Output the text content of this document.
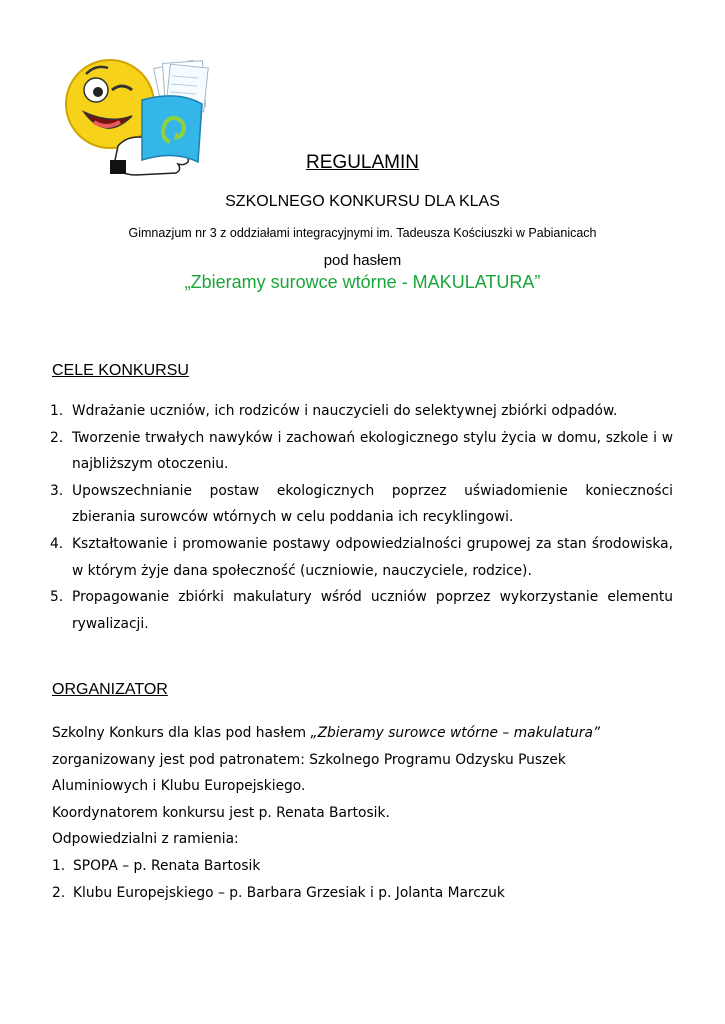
REGULAMIN
SZKOLNEGO KONKURSU DLA KLAS
Gimnazjum nr 3 z oddziałami integracyjnymi im. Tadeusza Kościuszki w Pabianicach
pod hasłem
„Zbieramy surowce wtórne - MAKULATURA”
CELE KONKURSU
1. Wdrażanie uczniów, ich rodziców i nauczycieli do selektywnej zbiórki odpadów.
2. Tworzenie trwałych nawyków i zachowań ekologicznego stylu życia w domu, szkole i w najbliższym otoczeniu.
3. Upowszechnianie postaw ekologicznych poprzez uświadomienie konieczności zbierania surowców wtórnych w celu poddania ich recyklingowi.
4. Kształtowanie i promowanie postawy odpowiedzialności grupowej za stan środowiska, w którym żyje dana społeczność (uczniowie, nauczyciele, rodzice).
5. Propagowanie zbiórki makulatury wśród uczniów poprzez wykorzystanie elementu rywalizacji.
ORGANIZATOR
Szkolny Konkurs dla klas pod hasłem „Zbieramy surowce wtórne – makulatura”
zorganizowany jest pod patronatem: Szkolnego Programu Odzysku Puszek
Aluminiowych i Klubu Europejskiego.
Koordynatorem konkursu jest p. Renata Bartosik.
Odpowiedzialni z ramienia:
1. SPOPA – p. Renata Bartosik
2. Klubu Europejskiego – p. Barbara Grzesiak i p. Jolanta Marczuk
